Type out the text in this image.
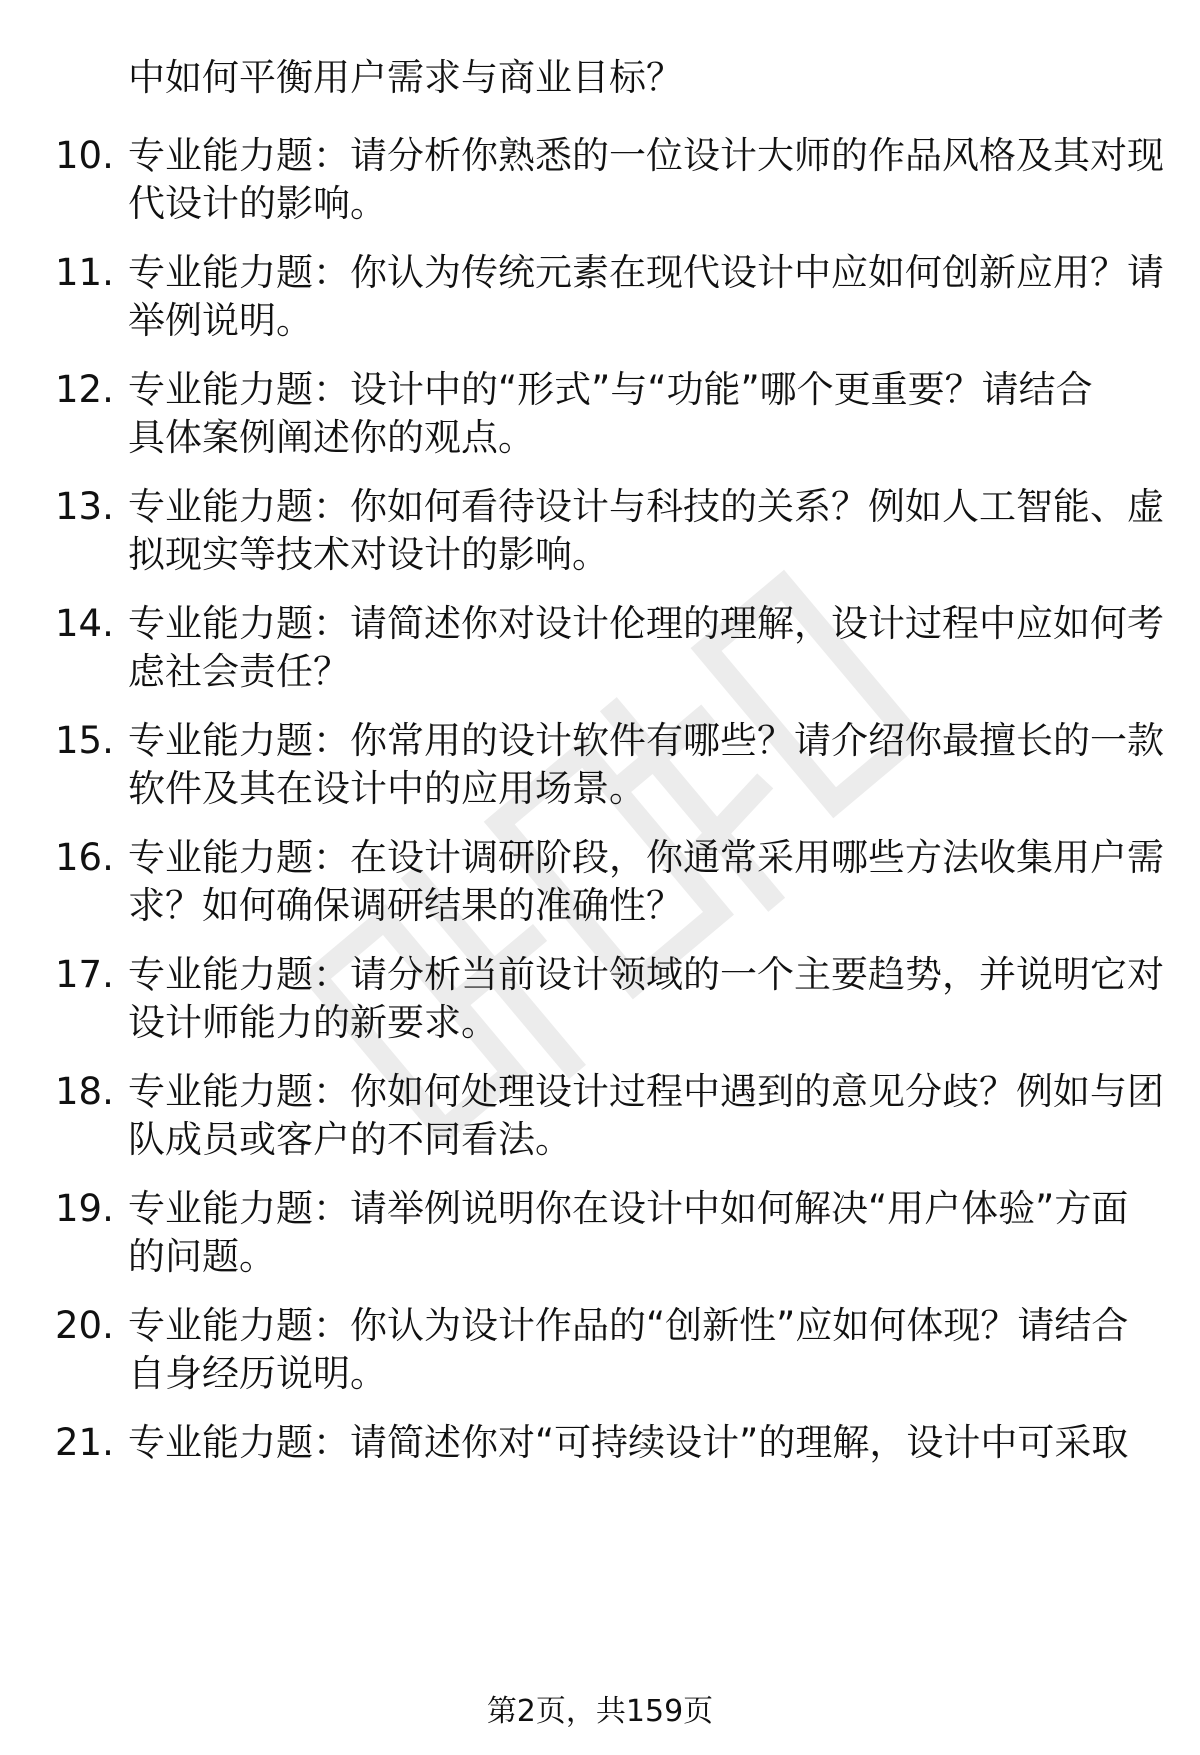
中如何平衡用户需求与商业目标？
10. 专业能力题：请分析你熟悉的一位设计大师的作品风格及其对现
代设计的影响。
11. 专业能力题：你认为传统元素在现代设计中应如何创新应用？请
举例说明。
12. 专业能力题：设计中的“形式”与“功能”哪个更重要？请结合
具体案例阐述你的观点。
13. 专业能力题：你如何看待设计与科技的关系？例如人工智能、虚
拟现实等技术对设计的影响。
14. 专业能力题：请简述你对设计伦理的理解，设计过程中应如何考
虑社会责任？
15. 专业能力题：你常用的设计软件有哪些？请介绍你最擅长的一款
软件及其在设计中的应用场景。
16. 专业能力题：在设计调研阶段，你通常采用哪些方法收集用户需
求？如何确保调研结果的准确性？
17. 专业能力题：请分析当前设计领域的一个主要趋势，并说明它对
设计师能力的新要求。
18. 专业能力题：你如何处理设计过程中遇到的意见分歧？例如与团
队成员或客户的不同看法。
19. 专业能力题：请举例说明你在设计中如何解决“用户体验”方面
的问题。
20. 专业能力题：你认为设计作品的“创新性”应如何体现？请结合
自身经历说明。
21. 专业能力题：请简述你对“可持续设计”的理解，设计中可采取
第2页，共159页
